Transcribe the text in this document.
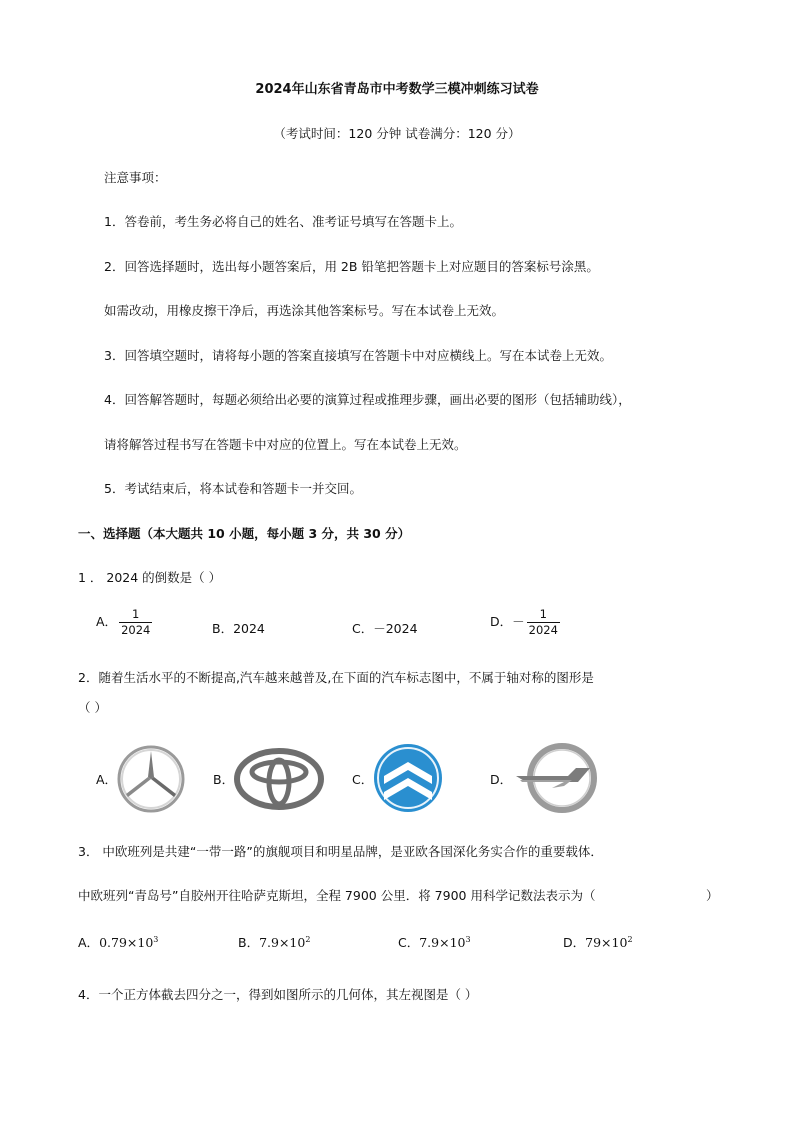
2024年山东省青岛市中考数学三模冲刺练习试卷
（考试时间：120 分钟 试卷满分：120 分）
注意事项：
1．答卷前，考生务必将自己的姓名、准考证号填写在答题卡上。
2．回答选择题时，选出每小题答案后，用 2B 铅笔把答题卡上对应题目的答案标号涂黑。
如需改动，用橡皮擦干净后，再选涂其他答案标号。写在本试卷上无效。
3．回答填空题时，请将每小题的答案直接填写在答题卡中对应横线上。写在本试卷上无效。
4．回答解答题时，每题必须给出必要的演算过程或推理步骤，画出必要的图形（包括辅助线），
请将解答过程书写在答题卡中对应的位置上。写在本试卷上无效。
5．考试结束后，将本试卷和答题卡一并交回。
一、选择题（本大题共 10 小题，每小题 3 分，共 30 分）
1 ． 2024 的倒数是（ ）
A． $\frac{1}{2024}$	B．2024	C．－2024	D．－ $\frac{1}{2024}$
2．随着生活水平的不断提高,汽车越来越普及,在下面的汽车标志图中，不属于轴对称的图形是
（ ）
A．	B．	C．	D．
3． 中欧班列是共建“一带一路”的旗舰项目和明星品牌，是亚欧各国深化务实合作的重要载体．
中欧班列“青岛号”自胶州开往哈萨克斯坦，全程 7900 公里．将 7900 用科学记数法表示为（	）
A．$0.79\times 10^3$	B．$7.9\times 10^2$	C．$7.9\times 10^3$	D．$79\times 10^2$
4．一个正方体截去四分之一，得到如图所示的几何体，其左视图是（ ）
